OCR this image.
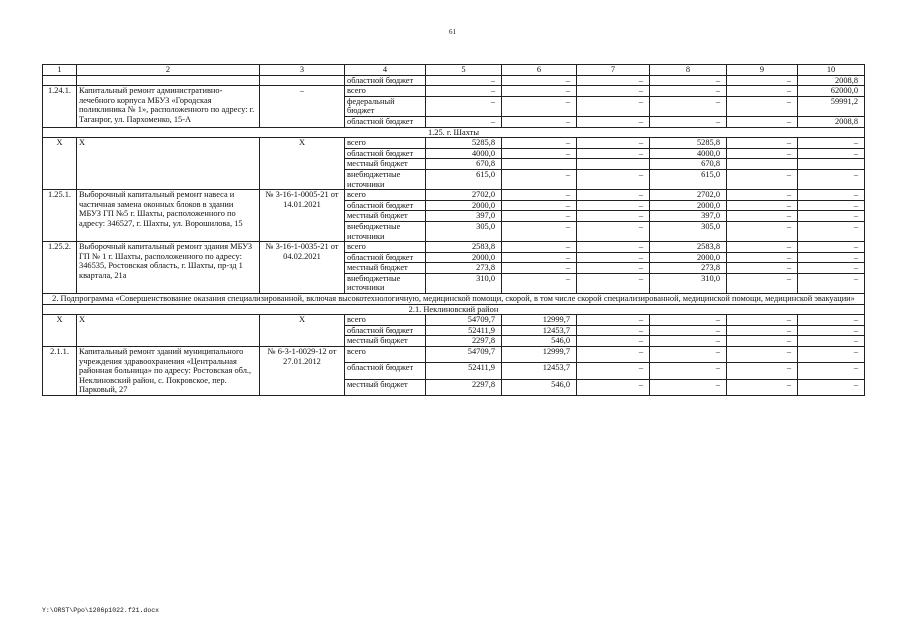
61
1	2	3	4	5	6	7	8	9	10
			областной бюджет	–	–	–	–	–	2008,8
1.24.1.	Капитальный ремонт административно-лечебного корпуса МБУЗ «Городская поликлиника № 1», расположенного по адресу: г. Таганрог, ул. Пархоменко, 15-А	–	всего	–	–	–	–	–	62000,0
			федеральный бюджет	–	–	–	–	–	59991,2
			областной бюджет	–	–	–	–	–	2008,8
1.25. г. Шахты									
Х	Х	Х	всего	5285,8	–	–	5285,8	–	–
			областной бюджет	4000,0	–	–	4000,0	–	–
			местный бюджет	670,8			670,8		
			внебюджетные источники	615,0	–	–	615,0	–	–
1.25.1.	Выборочный капитальный ремонт навеса и частичная замена оконных блоков в здании МБУЗ ГП №5 г. Шахты, расположенного по адресу: 346527, г. Шахты, ул. Ворошилова, 15	№ 3-16-1-0005-21 от 14.01.2021	всего	2702,0	–	–	2702,0	–	–
			областной бюджет	2000,0	–	–	2000,0	–	–
			местный бюджет	397,0	–	–	397,0	–	–
			внебюджетные источники	305,0	–	–	305,0	–	–
1.25.2.	Выборочный капитальный ремонт здания МБУЗ ГП № 1 г. Шахты, расположенного по адресу: 346535, Ростовская область, г. Шахты, пр-зд 1 квартала, 21а	№ 3-16-1-0035-21 от 04.02.2021	всего	2583,8	–	–	2583,8	–	–
			областной бюджет	2000,0	–	–	2000,0	–	–
			местный бюджет	273,8	–	–	273,8	–	–
			внебюджетные источники	310,0	–	–	310,0	–	–
2. Подпрограмма «Совершенствование оказания специализированной, включая высокотехнологичную, медицинской помощи, скорой, в том числе скорой специализированной, медицинской помощи, медицинской эвакуации»									
2.1. Неклиновский район									
Х	Х	Х	всего	54709,7	12999,7	–	–	–	–
			областной бюджет	52411,9	12453,7	–	–	–	–
			местный бюджет	2297,8	546,0	–	–	–	–
2.1.1.	Капитальный ремонт зданий муниципального учреждения здравоохранения «Центральная районная больница» по адресу: Ростовская обл., Неклиновский район, с. Покровское, пер. Парковый, 27	№ 6-3-1-0029-12 от 27.01.2012	всего	54709,7	12999,7	–	–	–	–
			областной бюджет	52411,9	12453,7	–	–	–	–
			местный бюджет	2297,8	546,0	–	–	–	–
Y:\ORST\Ppo\1206p1022.f21.docx
